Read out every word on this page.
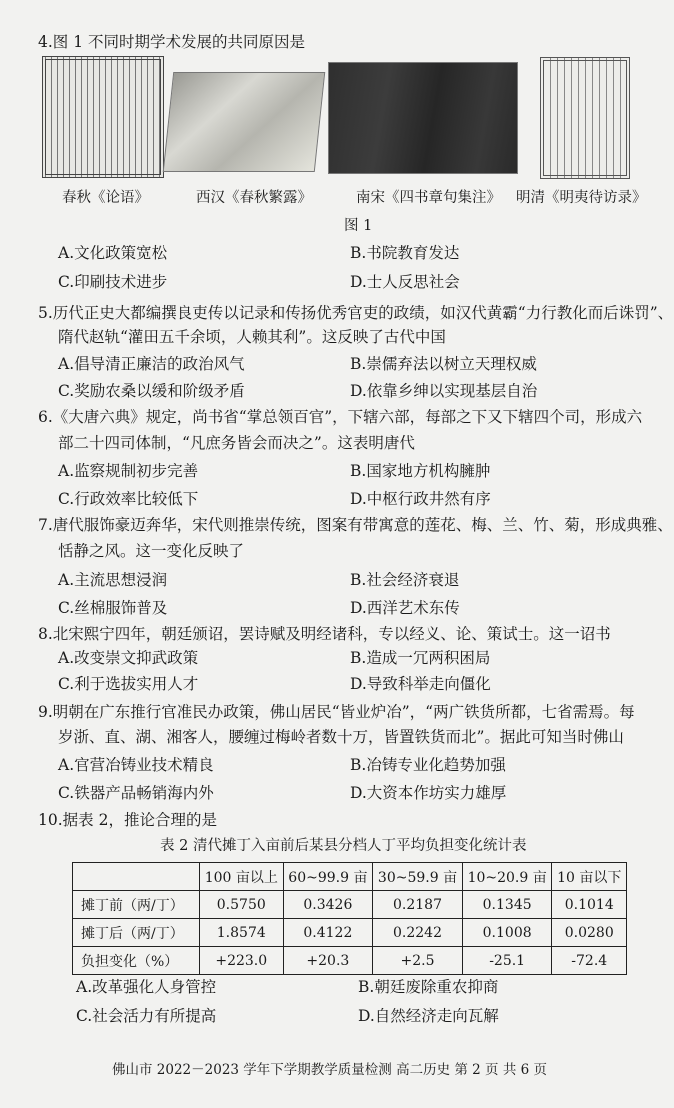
4.图 1 不同时期学术发展的共同原因是
春秋《论语》	西汉《春秋繁露》	南宋《四书章句集注》 明清《明夷待访录》
图 1
A.文化政策宽松	B.书院教育发达
C.印刷技术进步	D.士人反思社会
5.历代正史大都编撰良吏传以记录和传扬优秀官吏的政绩，如汉代黄霸“力行教化而后诛罚”、
隋代赵轨“灌田五千余顷，人赖其利”。这反映了古代中国
A.倡导清正廉洁的政治风气	B.崇儒弃法以树立天理权威
C.奖励农桑以缓和阶级矛盾	D.依靠乡绅以实现基层自治
6.《大唐六典》规定，尚书省“掌总领百官”，下辖六部，每部之下又下辖四个司，形成六
部二十四司体制，“凡庶务皆会而决之”。这表明唐代
A.监察规制初步完善	B.国家地方机构臃肿
C.行政效率比较低下	D.中枢行政井然有序
7.唐代服饰豪迈奔华，宋代则推崇传统，图案有带寓意的莲花、梅、兰、竹、菊，形成典雅、
恬静之风。这一变化反映了
A.主流思想浸润	B.社会经济衰退
C.丝棉服饰普及	D.西洋艺术东传
8.北宋熙宁四年，朝廷颁诏，罢诗赋及明经诸科，专以经义、论、策试士。这一诏书
A.改变崇文抑武政策	B.造成一冗两积困局
C.利于选拔实用人才	D.导致科举走向僵化
9.明朝在广东推行官准民办政策，佛山居民“皆业炉冶”，“两广铁货所都，七省需焉。每
岁浙、直、湖、湘客人，腰缠过梅岭者数十万，皆置铁货而北”。据此可知当时佛山
A.官营冶铸业技术精良	B.冶铸专业化趋势加强
C.铁器产品畅销海内外	D.大资本作坊实力雄厚
10.据表 2，推论合理的是
表 2 清代摊丁入亩前后某县分档人丁平均负担变化统计表
	100 亩以上	60~99.9 亩	30~59.9 亩	10~20.9 亩	10 亩以下
摊丁前（两/丁）	0.5750	0.3426	0.2187	0.1345	0.1014
摊丁后（两/丁）	1.8574	0.4122	0.2242	0.1008	0.0280
负担变化（%）	+223.0	+20.3	+2.5	-25.1	-72.4
A.改革强化人身管控	B.朝廷废除重农抑商
C.社会活力有所提高	D.自然经济走向瓦解
佛山市 2022－2023 学年下学期教学质量检测 高二历史 第 2 页 共 6 页
